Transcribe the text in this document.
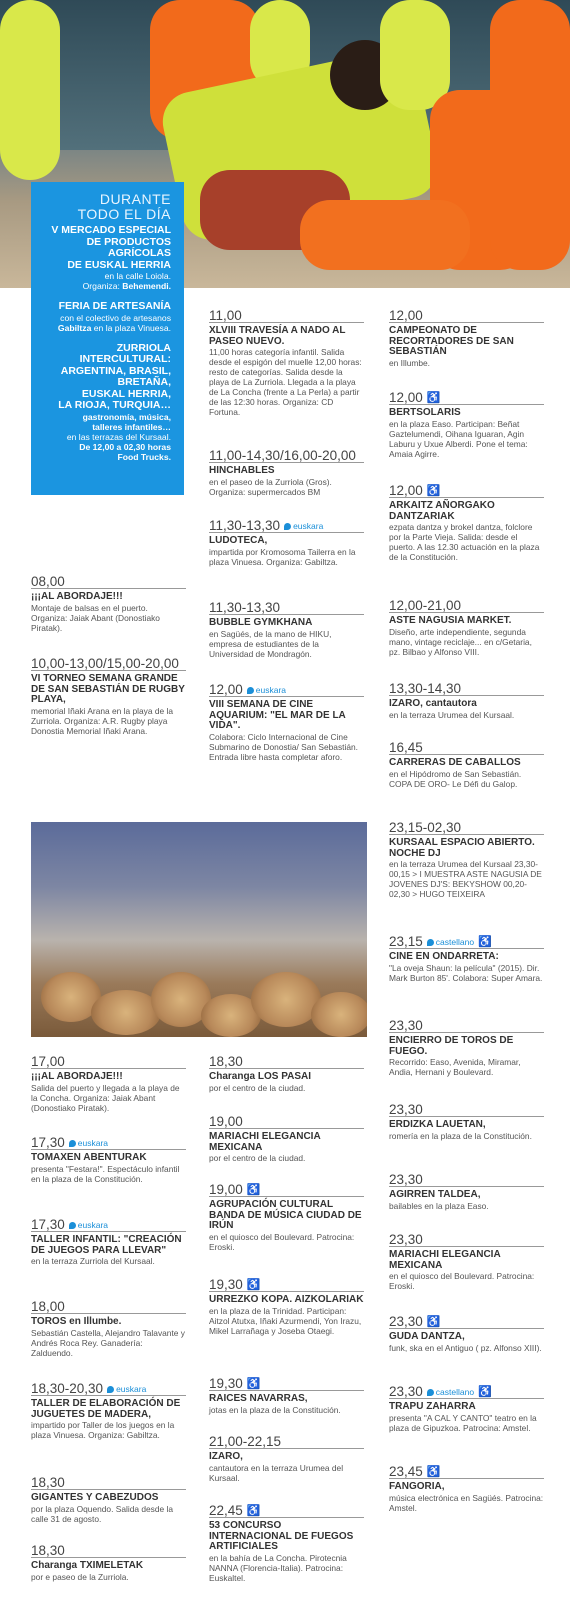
DURANTE
TODO EL DÍA

V MERCADO ESPECIAL
DE PRODUCTOS
AGRÍCOLAS
DE EUSKAL HERRIA

en la calle Loiola.

Organiza: Behemendi.

FERIA DE ARTESANÍA

con el colectivo de artesanos

Gabiltza en la plaza Vinuesa.

ZURRIOLA
INTERCULTURAL:
ARGENTINA, BRASIL,
BRETAÑA,
EUSKAL HERRIA,
LA RIOJA, TURQUIA…

gastronomía, música,
talleres infantiles…

en las terrazas del Kursaal.

De 12,00 a 02,30 horas
Food Trucks.

08,00
¡¡¡AL ABORDAJE!!!

Montaje de balsas en el puerto. Organiza: Jaiak Abant (Donostiako Piratak).

10,00-13,00/15,00-20,00
VI TORNEO SEMANA GRANDE DE SAN SEBASTIÁN DE RUGBY PLAYA,

memorial Iñaki Arana en la playa de la Zurriola. Organiza: A.R. Rugby playa Donostia Memorial Iñaki Arana.

11,00
XLVIII TRAVESÍA A NADO AL PASEO NUEVO.

11,00 horas categoría infantil. Salida desde el espigón del muelle 12,00 horas: resto de categorías. Salida desde la playa de La Zurriola. Llegada a la playa de La Concha (frente a La Perla) a partir de las 12:30 horas. Organiza: CD Fortuna.

11,00-14,30/16,00-20,00
HINCHABLES

en el paseo de la Zurriola (Gros). Organiza: supermercados BM

11,30-13,30 euskara
LUDOTECA,

impartida por Kromosoma Tailerra en la plaza Vinuesa. Organiza: Gabiltza.

11,30-13,30
BUBBLE GYMKHANA

en Sagüés, de la mano de HIKU, empresa de estudiantes de la Universidad de Mondragón.

12,00 euskara
VIII SEMANA DE CINE AQUARIUM: "EL MAR DE LA VIDA".

Colabora: Ciclo Internacional de Cine Submarino de Donostia/ San Sebastián. Entrada libre hasta completar aforo.

12,00
CAMPEONATO DE RECORTADORES DE SAN SEBASTIÁN

en Illumbe.

12,00 ♿
BERTSOLARIS

en la plaza Easo. Participan: Beñat Gaztelumendi, Oihana Iguaran, Agin Laburu y Uxue Alberdi. Pone el tema: Amaia Agirre.

12,00 ♿
ARKAITZ AÑORGAKO DANTZARIAK

ezpata dantza y brokel dantza, folclore por la Parte Vieja. Salida: desde el puerto. A las 12.30 actuación en la plaza de la Constitución.

12,00-21,00
ASTE NAGUSIA MARKET.

Diseño, arte independiente, segunda mano, vintage reciclaje... en c/Getaria, pz. Bilbao y Alfonso VIII.

13,30-14,30
IZARO, cantautora

en la terraza Urumea del Kursaal.

16,45
CARRERAS DE CABALLOS

en el Hipódromo de San Sebastián. COPA DE ORO- Le Défi du Galop.

23,15-02,30
KURSAAL ESPACIO ABIERTO. NOCHE DJ

en la terraza Urumea del Kursaal 23,30-00,15 > I MUESTRA ASTE NAGUSIA DE JOVENES DJ'S: BEKYSHOW 00,20-02,30 > HUGO TEIXEIRA

23,15 castellano ♿
CINE EN ONDARRETA:

"La oveja Shaun: la película" (2015). Dir. Mark Burton 85'. Colabora: Super Amara.

23,30
ENCIERRO DE TOROS DE FUEGO.

Recorrido: Easo, Avenida, Miramar, Andia, Hernani y Boulevard.

23,30
ERDIZKA LAUETAN,

romería en la plaza de la Constitución.

23,30
AGIRREN TALDEA,

bailables en la plaza Easo.

23,30
MARIACHI ELEGANCIA MEXICANA

en el quiosco del Boulevard. Patrocina: Eroski.

23,30 ♿
GUDA DANTZA,

funk, ska en el Antiguo ( pz. Alfonso XIII).

23,30 castellano ♿
TRAPU ZAHARRA

presenta "A CAL Y CANTO" teatro en la plaza de Gipuzkoa. Patrocina: Amstel.

23,45 ♿
FANGORIA,

música electrónica en Sagüés. Patrocina: Amstel.

17,00
¡¡¡AL ABORDAJE!!!

Salida del puerto y llegada a la playa de la Concha. Organiza: Jaiak Abant (Donostiako Piratak).

17,30 euskara
TOMAXEN ABENTURAK

presenta "Festara!". Espectáculo infantil en la plaza de la Constitución.

17,30 euskara
TALLER INFANTIL: "CREACIÓN DE JUEGOS PARA LLEVAR"

en la terraza Zurriola del Kursaal.

18,00
TOROS en Illumbe.

Sebastián Castella, Alejandro Talavante y Andrés Roca Rey. Ganadería: Zalduendo.

18,30-20,30 euskara
TALLER DE ELABORACIÓN DE JUGUETES DE MADERA,

impartido por Taller de los juegos en la plaza Vinuesa. Organiza: Gabiltza.

18,30
GIGANTES Y CABEZUDOS

por la plaza Oquendo. Salida desde la calle 31 de agosto.

18,30
Charanga TXIMELETAK

por e paseo de la Zurriola.

18,30
Charanga LOS PASAI

por el centro de la ciudad.

19,00
MARIACHI ELEGANCIA MEXICANA

por el centro de la ciudad.

19,00 ♿
AGRUPACIÓN CULTURAL BANDA DE MÚSICA CIUDAD DE IRÚN

en el quiosco del Boulevard. Patrocina: Eroski.

19,30 ♿
URREZKO KOPA. AIZKOLARIAK

en la plaza de la Trinidad. Participan: Aitzol Atutxa, Iñaki Azurmendi, Yon Irazu, Mikel Larrañaga y Joseba Otaegi.

19,30 ♿
RAICES NAVARRAS,

jotas en la plaza de la Constitución.

21,00-22,15
IZARO,

cantautora en la terraza Urumea del Kursaal.

22,45 ♿
53 CONCURSO INTERNACIONAL DE FUEGOS ARTIFICIALES

en la bahía de La Concha. Pirotecnia NANNA (Florencia-Italia). Patrocina: Euskaltel.
